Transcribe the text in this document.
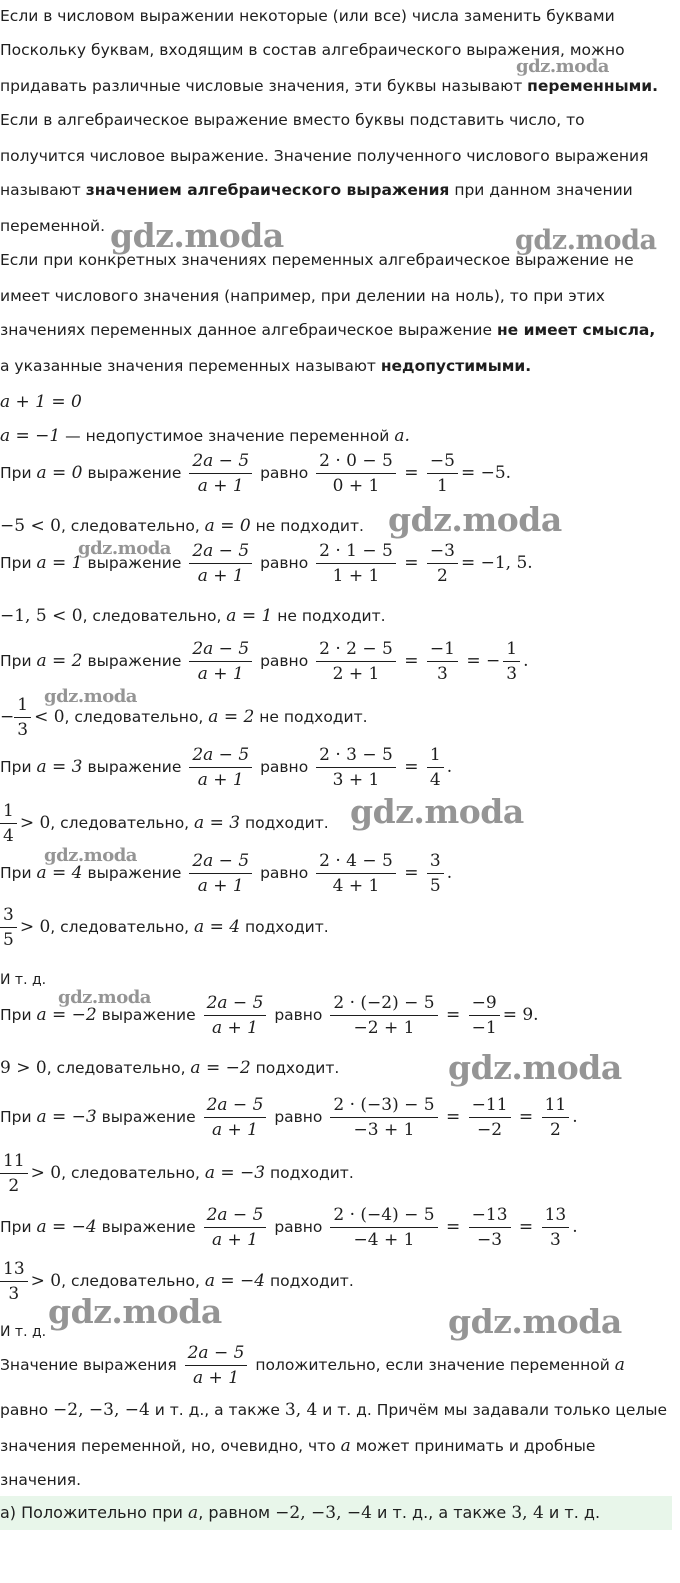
Если в числовом выражении некоторые (или все) числа заменить буквами
Поскольку буквам, входящим в состав алгебраического выражения, можно
придавать различные числовые значения, эти буквы называют переменными.
Если в алгебраическое выражение вместо буквы подставить число, то
получится числовое выражение. Значение полученного числового выражения
называют значением алгебраического выражения при данном значении
переменной.
Если при конкретных значениях переменных алгебраическое выражение не
имеет числового значения (например, при делении на ноль), то при этих
значениях переменных данное алгебраическое выражение не имеет смысла,
а указанные значения переменных называют недопустимыми.
a + 1 = 0
a = −1 — недопустимое значение переменной a.
При a = 0 выражение $\frac{2a - 5}{a + 1}$ равно $\frac{2 \cdot 0 - 5}{0 + 1} = \frac{-5}{1} = -5$.
−5 < 0, следовательно, a = 0 не подходит.
При a = 1 выражение $\frac{2a - 5}{a + 1}$ равно $\frac{2 \cdot 1 - 5}{1 + 1} = \frac{-3}{2} = -1$, 5.
−1, 5 < 0, следовательно, a = 1 не подходит.
При a = 2 выражение $\frac{2a - 5}{a + 1}$ равно $\frac{2 \cdot 2 - 5}{2 + 1} = \frac{-1}{3}$ = − $\frac{1}{3}$ .
− $\frac{1}{3} < 0$, следовательно, a = 2 не подходит.
При a = 3 выражение $\frac{2a - 5}{a + 1}$ равно $\frac{2 \cdot 3 - 5}{3 + 1} = \frac{1}{4}$ .
$\frac{1}{4} > 0$, следовательно, a = 3 подходит.
При a = 4 выражение $\frac{2a - 5}{a + 1}$ равно $\frac{2 \cdot 4 - 5}{4 + 1} = \frac{3}{5}$ .
$\frac{3}{5} > 0$, следовательно, a = 4 подходит.
И т. д.
При a = −2 выражение $\frac{2a - 5}{a + 1}$ равно $\frac{2 \cdot (-2) - 5}{-2 + 1} = \frac{-9}{-1} = 9$.
9 > 0, следовательно, a = −2 подходит.
При a = −3 выражение $\frac{2a - 5}{a + 1}$ равно $\frac{2 \cdot (-3) - 5}{-3 + 1} = \frac{-11}{-2} = \frac{11}{2}$ .
$\frac{11}{2} > 0$, следовательно, a = −3 подходит.
При a = −4 выражение $\frac{2a - 5}{a + 1}$ равно $\frac{2 \cdot (-4) - 5}{-4 + 1} = \frac{-13}{-3} = \frac{13}{3}$ .
$\frac{13}{3} > 0$, следовательно, a = −4 подходит.
И т. д.
Значение выражения $\frac{2a - 5}{a + 1}$ положительно, если значение переменной a
равно −2, −3, −4 и т. д., а также 3, 4 и т. д. Причём мы задавали только целые
значения переменной, но, очевидно, что a может принимать и дробные
значения.
а) Положительно при a, равном −2, −3, −4 и т. д., а также 3, 4 и т. д.
gdz.moda
gdz.moda	gdz.moda
gdz.moda
gdz.moda
gdz.moda
gdz.moda
gdz.moda
gdz.moda
gdz.moda
gdz.moda	gdz.moda
